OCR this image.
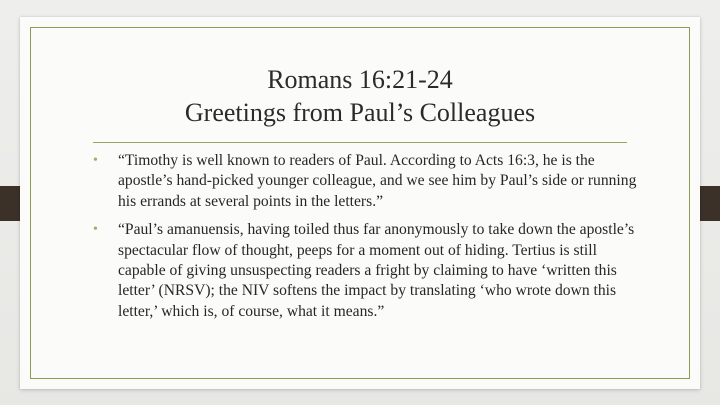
Romans 16:21-24
Greetings from Paul’s Colleagues
• “Timothy is well known to readers of Paul. According to Acts 16:3, he is the apostle’s hand-picked younger colleague, and we see him by Paul’s side or running his errands at several points in the letters.”
• “Paul’s amanuensis, having toiled thus far anonymously to take down the apostle’s spectacular flow of thought, peeps for a moment out of hiding. Tertius is still capable of giving unsuspecting readers a fright by claiming to have ‘written this letter’ (NRSV); the NIV softens the impact by translating ‘who wrote down this letter,’ which is, of course, what it means.”
